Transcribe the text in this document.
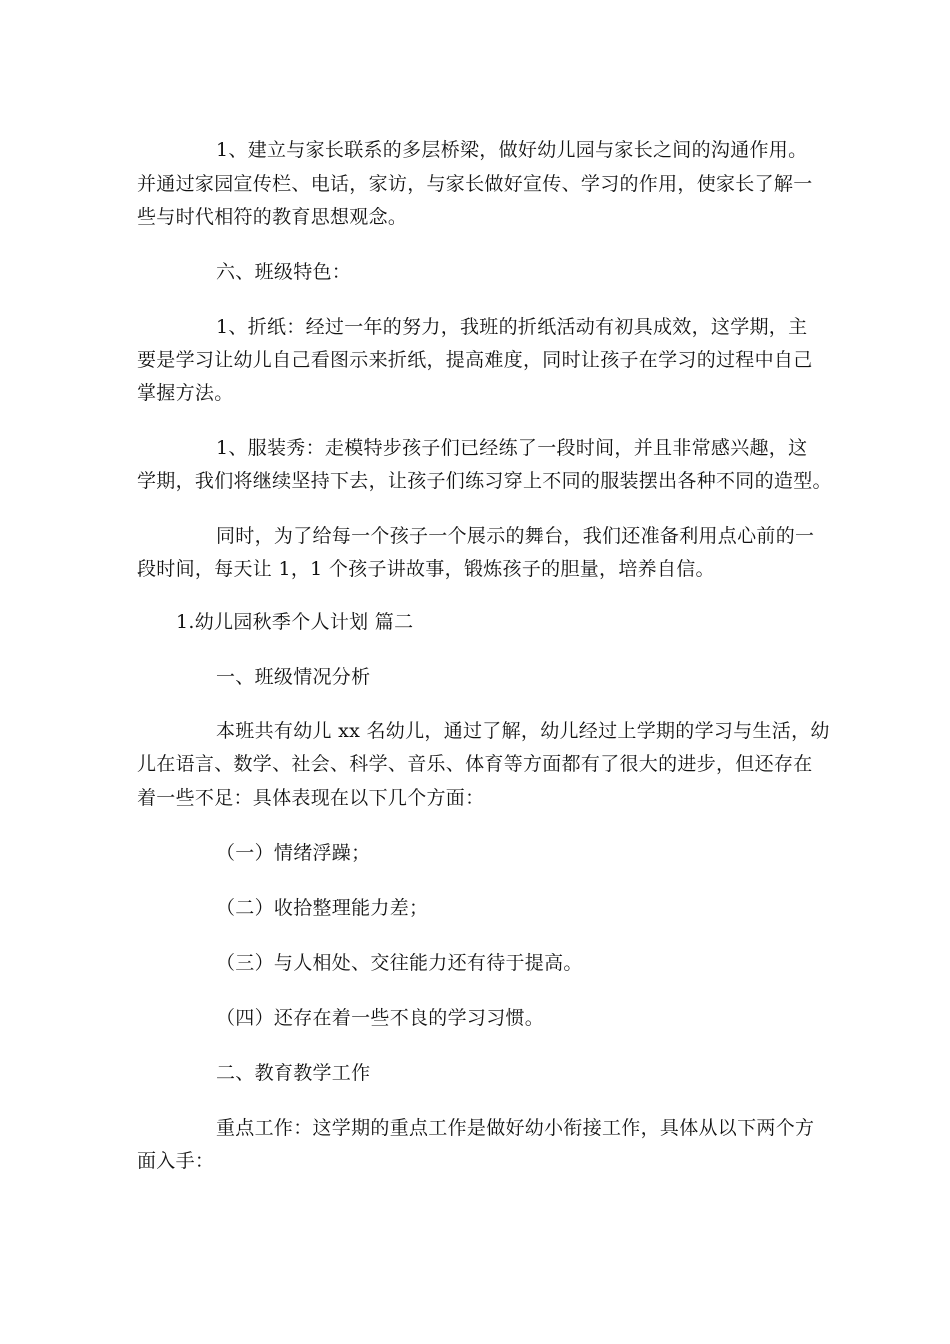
1、建立与家长联系的多层桥梁，做好幼儿园与家长之间的沟通作用。
并通过家园宣传栏、电话，家访，与家长做好宣传、学习的作用，使家长了解一
些与时代相符的教育思想观念。
六、班级特色：
1、折纸：经过一年的努力，我班的折纸活动有初具成效，这学期，主
要是学习让幼儿自己看图示来折纸，提高难度，同时让孩子在学习的过程中自己
掌握方法。
1、服装秀：走模特步孩子们已经练了一段时间，并且非常感兴趣，这
学期，我们将继续坚持下去，让孩子们练习穿上不同的服装摆出各种不同的造型。
同时，为了给每一个孩子一个展示的舞台，我们还准备利用点心前的一
段时间，每天让 1，1 个孩子讲故事，锻炼孩子的胆量，培养自信。
1.幼儿园秋季个人计划 篇二
一、班级情况分析
本班共有幼儿 xx 名幼儿，通过了解，幼儿经过上学期的学习与生活，幼
儿在语言、数学、社会、科学、音乐、体育等方面都有了很大的进步，但还存在
着一些不足：具体表现在以下几个方面：
（一）情绪浮躁；
（二）收拾整理能力差；
（三）与人相处、交往能力还有待于提高。
（四）还存在着一些不良的学习习惯。
二、教育教学工作
重点工作：这学期的重点工作是做好幼小衔接工作，具体从以下两个方
面入手：
